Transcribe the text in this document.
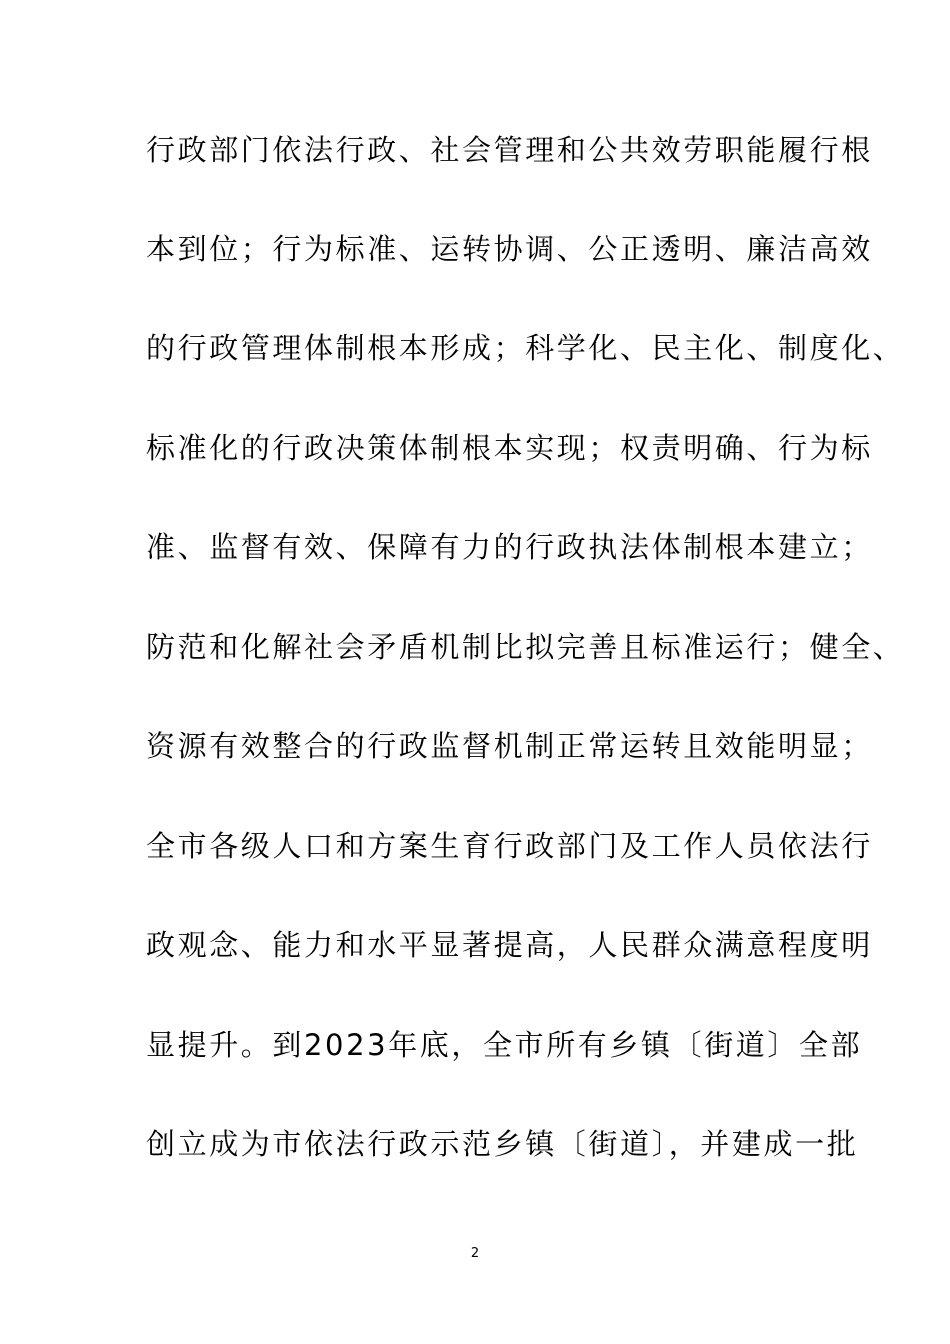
行政部门依法行政、社会管理和公共效劳职能履行根
本到位；行为标准、运转协调、公正透明、廉洁高效
的行政管理体制根本形成；科学化、民主化、制度化、
标准化的行政决策体制根本实现；权责明确、行为标
准、监督有效、保障有力的行政执法体制根本建立；
防范和化解社会矛盾机制比拟完善且标准运行；健全、
资源有效整合的行政监督机制正常运转且效能明显；
全市各级人口和方案生育行政部门及工作人员依法行
政观念、能力和水平显著提高，人民群众满意程度明
显提升。到2023年底，全市所有乡镇〔街道〕全部
创立成为市依法行政示范乡镇〔街道〕，并建成一批
2
